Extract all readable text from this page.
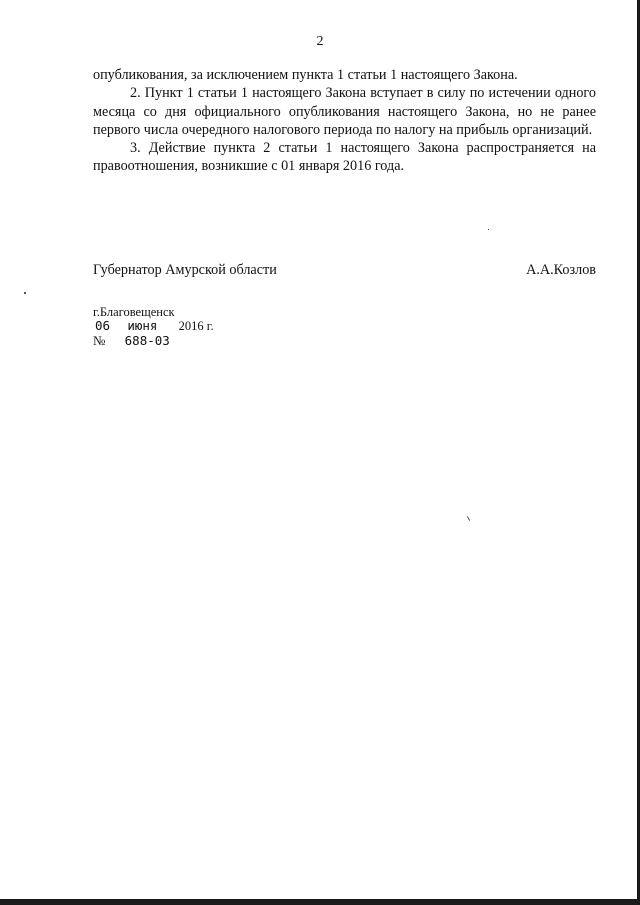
2

опубликования, за исключением пункта 1 статьи 1 настоящего Закона.

2. Пункт 1 статьи 1 настоящего Закона вступает в силу по истечении одного месяца со дня официального опубликования настоящего Закона, но не ранее первого числа очередного налогового периода по налогу на прибыль организаций.

3. Действие пункта 2 статьи 1 настоящего Закона распространяется на правоотношения, возникшие с 01 января 2016 года.

Губернатор Амурской области	А.А.Козлов
г.Благовещенск
06 июня 2016 г.
№ 688-03
